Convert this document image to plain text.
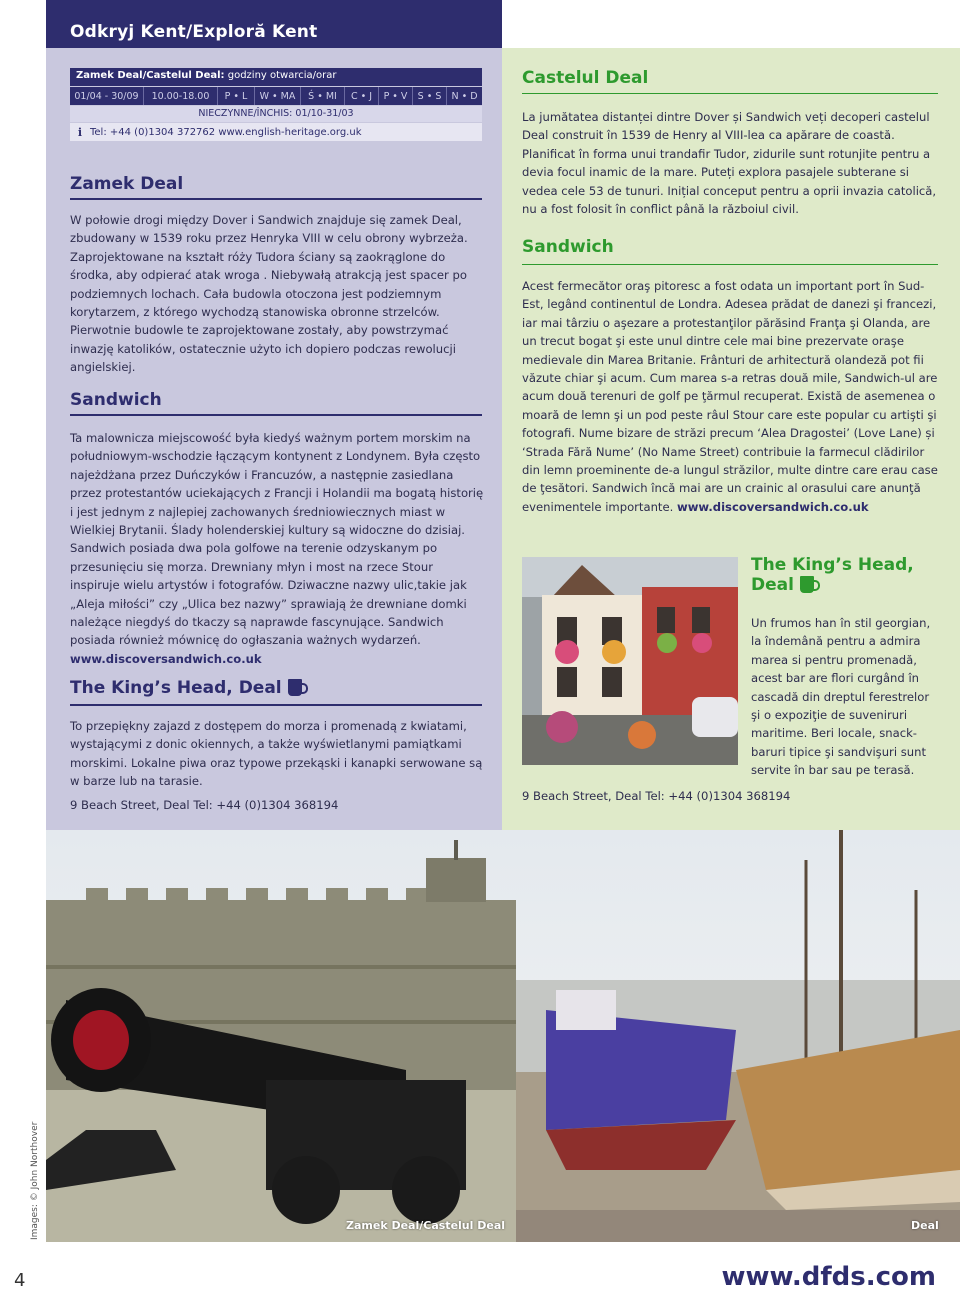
Images: © John Northover
4
Odkryj Kent/Exploră Kent
Zamek Deal/Castelul Deal: godziny otwarcia/orar
01/04 - 30/09	10.00-18.00	P • L	W • MA	Ś • MI	C • J	P • V	S • S	N • D
NIECZYNNE/ÎNCHIS: 01/10-31/03
i Tel: +44 (0)1304 372762 www.english-heritage.org.uk
Zamek Deal
W połowie drogi między Dover i Sandwich znajduje się zamek Deal, zbudowany w 1539 roku przez Henryka VIII w celu obrony wybrzeża. Zaprojektowane na kształt róży Tudora ściany są zaokrąglone do środka, aby odpierać atak wroga . Niebywałą atrakcją jest spacer po podziemnych lochach. Cała budowla otoczona jest podziemnym korytarzem, z którego wychodzą stanowiska obronne strzelców. Pierwotnie budowle te zaprojektowane zostały, aby powstrzymać inwazję katolików, ostatecznie użyto ich dopiero podczas rewolucji angielskiej.
Sandwich
Ta malownicza miejscowość była kiedyś ważnym portem morskim na południowym-wschodzie łączącym kontynent z Londynem. Była często najeżdżana przez Duńczyków i Francuzów, a następnie zasiedlana przez protestantów uciekających z Francji i Holandii ma bogatą historię i jest jednym z najlepiej zachowanych średniowiecznych miast w Wielkiej Brytanii. Ślady holenderskiej kultury są widoczne do dzisiaj. Sandwich posiada dwa pola golfowe na terenie odzyskanym po przesunięciu się morza. Drewniany młyn i most na rzece Stour inspiruje wielu artystów i fotografów. Dziwaczne nazwy ulic,takie jak „Aleja miłości” czy „Ulica bez nazwy” sprawiają że drewniane domki należące niegdyś do tkaczy są naprawde fascynujące. Sandwich posiada również mównicę do ogłaszania ważnych wydarzeń. www.discoversandwich.co.uk
The King’s Head, Deal
To przepiękny zajazd z dostępem do morza i promenadą z kwiatami, wystającymi z donic okiennych, a także wyświetlanymi pamiątkami morskimi. Lokalne piwa oraz typowe przekąski i kanapki serwowane są w barze lub na tarasie.
9 Beach Street, Deal Tel: +44 (0)1304 368194
Castelul Deal
La jumătatea distanței dintre Dover și Sandwich veți decoperi castelul Deal construit în 1539 de Henry al VIII-lea ca apărare de coastă. Planificat în forma unui trandafir Tudor, zidurile sunt rotunjite pentru a devia focul inamic de la mare. Puteți explora pasajele subterane si vedea cele 53 de tunuri. Inițial conceput pentru a oprii invazia catolică, nu a fost folosit în conflict până la războiul civil.
Sandwich
Acest fermecător oraş pitoresc a fost odata un important port în Sud-Est, legând continentul de Londra. Adesea prădat de danezi şi francezi, iar mai târziu o aşezare a protestanţilor părăsind Franţa şi Olanda, are un trecut bogat şi este unul dintre cele mai bine prezervate oraşe medievale din Marea Britanie. Frânturi de arhitectură olandeză pot fii văzute chiar şi acum. Cum marea s-a retras două mile, Sandwich-ul are acum două terenuri de golf pe ţărmul recuperat. Există de asemenea o moară de lemn şi un pod peste râul Stour care este popular cu artişti şi fotografi. Nume bizare de străzi precum ‘Alea Dragostei’ (Love Lane) și ‘Strada Fără Nume’ (No Name Street) contribuie la farmecul clădirilor din lemn proeminente de-a lungul străzilor, multe dintre care erau case de ţesători. Sandwich încă mai are un crainic al orasului care anunţă evenimentele importante. www.discoversandwich.co.uk
The King’s Head, Deal
Un frumos han în stil georgian, la îndemână pentru a admira marea si pentru promenadă, acest bar are flori curgând în cascadă din dreptul ferestrelor şi o expoziţie de suveniruri maritime. Beri locale, snack-baruri tipice şi sandvişuri sunt servite în bar sau pe terasă.
9 Beach Street, Deal Tel: +44 (0)1304 368194
Zamek Deal/Castelul Deal	Deal
www.dfds.com
